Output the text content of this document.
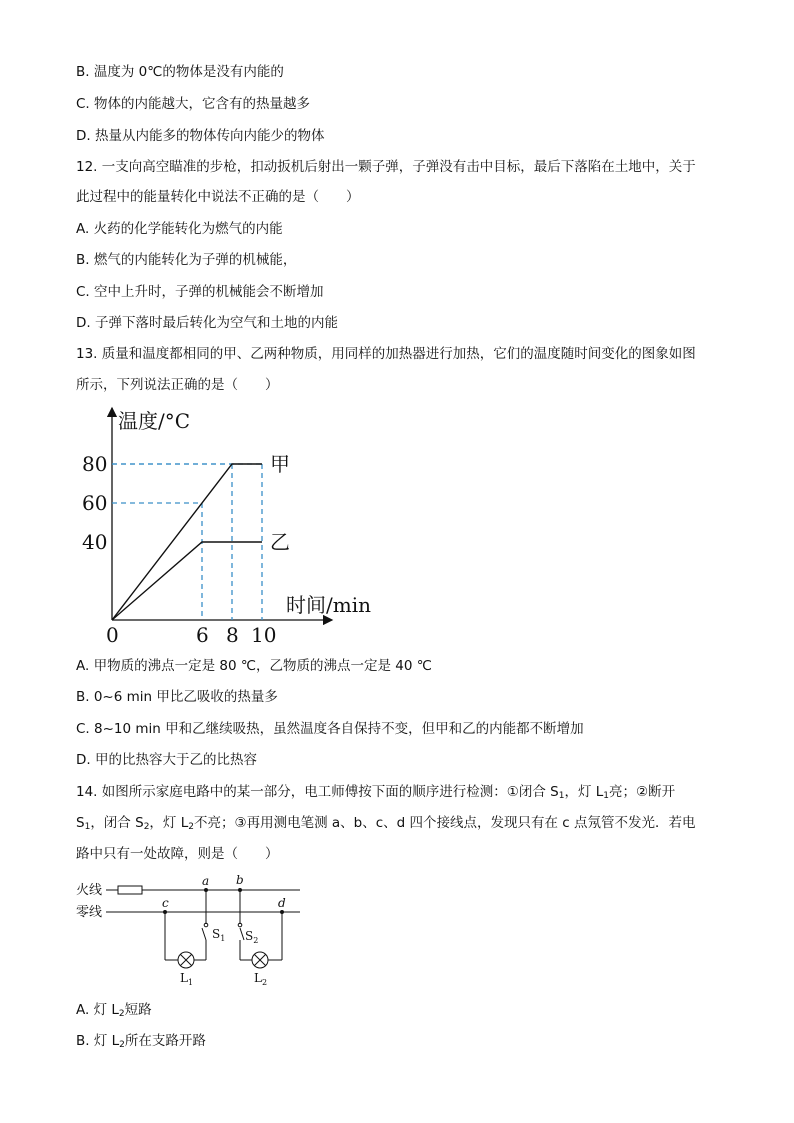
B. 温度为 0℃的物体是没有内能的
C. 物体的内能越大，它含有的热量越多
D. 热量从内能多的物体传向内能少的物体
12. 一支向高空瞄准的步枪，扣动扳机后射出一颗子弹，子弹没有击中目标，最后下落陷在土地中，关于
此过程中的能量转化中说法不正确的是（　　）
A. 火药的化学能转化为燃气的内能
B. 燃气的内能转化为子弹的机械能，
C. 空中上升时，子弹的机械能会不断增加
D. 子弹下落时最后转化为空气和土地的内能
13. 质量和温度都相同的甲、乙两种物质，用同样的加热器进行加热，它们的温度随时间变化的图象如图
所示，下列说法正确的是（　　）
温度/°C
时间/min
0	6 8 10
80
60
40
甲
乙
A. 甲物质的沸点一定是 80 ℃，乙物质的沸点一定是 40 ℃
B. 0~6 min 甲比乙吸收的热量多
C. 8~10 min 甲和乙继续吸热，虽然温度各自保持不变，但甲和乙的内能都不断增加
D. 甲的比热容大于乙的比热容
14. 如图所示家庭电路中的某一部分，电工师傅按下面的顺序进行检测：①闭合 $S_1$，灯 $L_1$亮；②断开
$S_1$，闭合 $S_2$，灯 $L_2$不亮；③再用测电笔测 a、b、c、d 四个接线点，发现只有在 c 点氖管不发光．若电
路中只有一处故障，则是（　　）
火线
零线
a b
c	d
$S_1$ $S_2$
$L_1$	$L_2$
A. 灯 $L_2$短路
B. 灯 $L_2$所在支路开路
